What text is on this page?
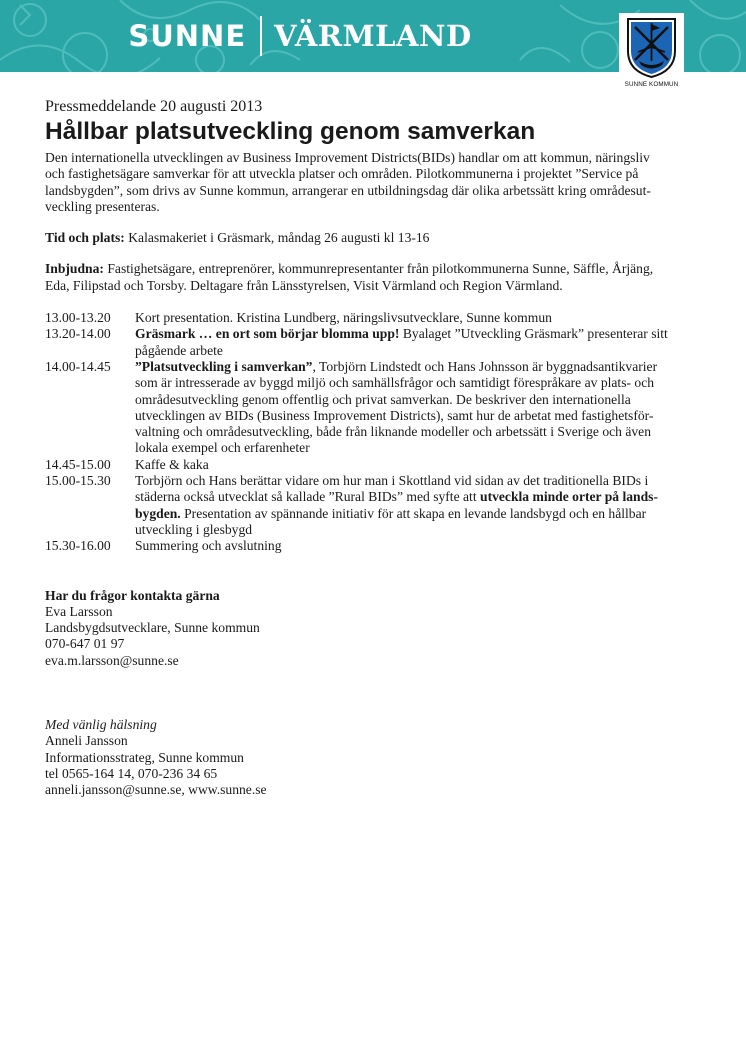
SUNNE VÄRMLAND
SUNNE KOMMUN
Pressmeddelande 20 augusti 2013
Hållbar platsutveckling genom samverkan

Den internationella utvecklingen av Business Improvement Districts(BIDs) handlar om att kommun, näringsliv och fastighetsägare samverkar för att utveckla platser och områden. Pilotkommunerna i projektet ”Service på landsbygden”, som drivs av Sunne kommun, arrangerar en utbildningsdag där olika arbetssätt kring områdesut-veckling presenteras.

Tid och plats: Kalasmakeriet i Gräsmark, måndag 26 augusti kl 13-16

Inbjudna: Fastighetsägare, entreprenörer, kommunrepresentanter från pilotkommunerna Sunne, Säffle, Årjäng, Eda, Filipstad och Torsby. Deltagare från Länsstyrelsen, Visit Värmland och Region Värmland.

13.00-13.20	Kort presentation. Kristina Lundberg, näringslivsutvecklare, Sunne kommun
13.20-14.00	Gräsmark … en ort som börjar blomma upp! Byalaget ”Utveckling Gräsmark” presenterar sitt pågående arbete
14.00-14.45	”Platsutveckling i samverkan”, Torbjörn Lindstedt och Hans Johnsson är byggnadsantikvarier som är intresserade av byggd miljö och samhällsfrågor och samtidigt förespråkare av plats- och områdesutveckling genom offentlig och privat samverkan. De beskriver den internationella utvecklingen av BIDs (Business Improvement Districts), samt hur de arbetat med fastighetsför-valtning och områdesutveckling, både från liknande modeller och arbetssätt i Sverige och även lokala exempel och erfarenheter
14.45-15.00	Kaffe & kaka
15.00-15.30	Torbjörn och Hans berättar vidare om hur man i Skottland vid sidan av det traditionella BIDs i städerna också utvecklat så kallade ”Rural BIDs” med syfte att utveckla minde orter på lands-bygden. Presentation av spännande initiativ för att skapa en levande landsbygd och en hållbar utveckling i glesbygd
15.30-16.00	Summering och avslutning

Har du frågor kontakta gärna

Eva Larsson

Landsbygdsutvecklare, Sunne kommun

070-647 01 97

eva.m.larsson@sunne.se

Med vänlig hälsning

Anneli Jansson

Informationsstrateg, Sunne kommun

tel 0565-164 14, 070-236 34 65

anneli.jansson@sunne.se, www.sunne.se
